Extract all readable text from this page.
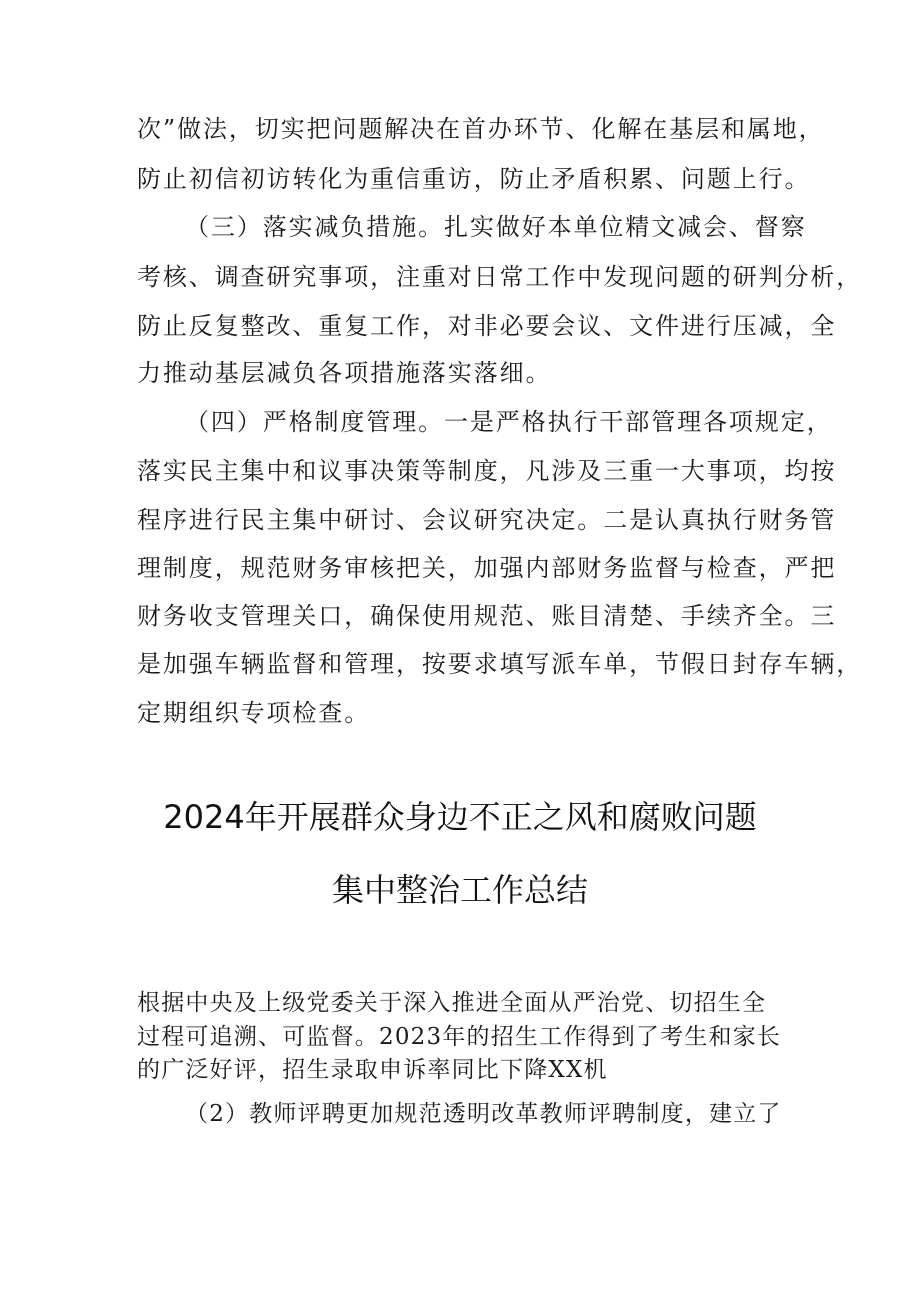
次”做法，切实把问题解决在首办环节、化解在基层和属地，
防止初信初访转化为重信重访，防止矛盾积累、问题上行。
（三）落实减负措施。扎实做好本单位精文减会、督察
考核、调查研究事项，注重对日常工作中发现问题的研判分析，
防止反复整改、重复工作，对非必要会议、文件进行压减，全
力推动基层减负各项措施落实落细。
（四）严格制度管理。一是严格执行干部管理各项规定，
落实民主集中和议事决策等制度，凡涉及三重一大事项，均按
程序进行民主集中研讨、会议研究决定。二是认真执行财务管
理制度，规范财务审核把关，加强内部财务监督与检查，严把
财务收支管理关口，确保使用规范、账目清楚、手续齐全。三
是加强车辆监督和管理，按要求填写派车单，节假日封存车辆，
定期组织专项检查。
2024年开展群众身边不正之风和腐败问题
集中整治工作总结
根据中央及上级党委关于深入推进全面从严治党、切招生全
过程可追溯、可监督。2023年的招生工作得到了考生和家长
的广泛好评，招生录取申诉率同比下降XX机
（2）教师评聘更加规范透明改革教师评聘制度，建立了
